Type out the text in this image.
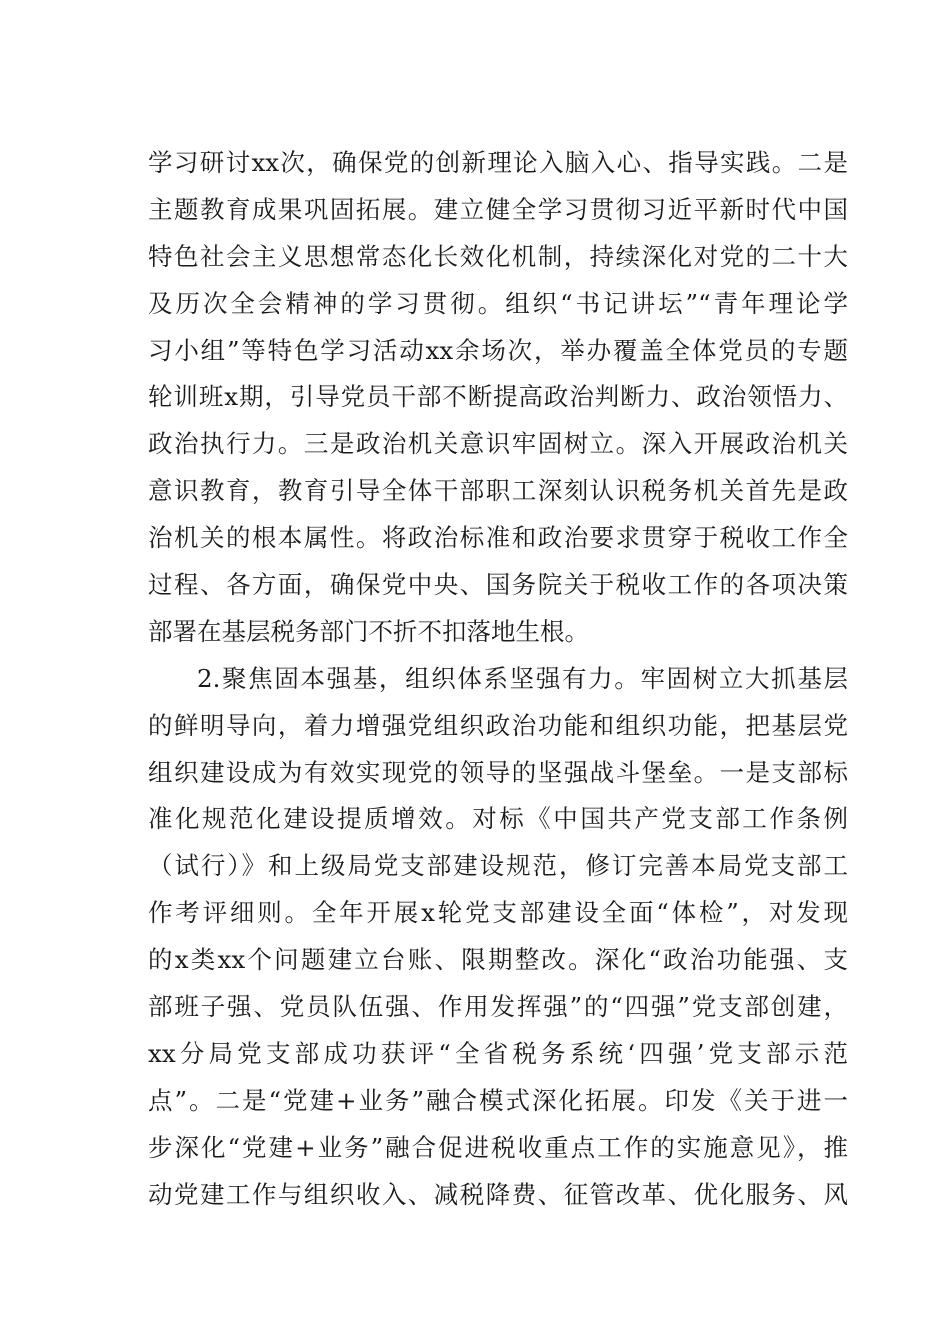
学习研讨xx次，确保党的创新理论入脑入心、指导实践。二是
主题教育成果巩固拓展。建立健全学习贯彻习近平新时代中国
特色社会主义思想常态化长效化机制，持续深化对党的二十大
及历次全会精神的学习贯彻。组织“书记讲坛”“青年理论学
习小组”等特色学习活动xx余场次，举办覆盖全体党员的专题
轮训班x期，引导党员干部不断提高政治判断力、政治领悟力、
政治执行力。三是政治机关意识牢固树立。深入开展政治机关
意识教育，教育引导全体干部职工深刻认识税务机关首先是政
治机关的根本属性。将政治标准和政治要求贯穿于税收工作全
过程、各方面，确保党中央、国务院关于税收工作的各项决策
部署在基层税务部门不折不扣落地生根。
2.聚焦固本强基，组织体系坚强有力。牢固树立大抓基层
的鲜明导向，着力增强党组织政治功能和组织功能，把基层党
组织建设成为有效实现党的领导的坚强战斗堡垒。一是支部标
准化规范化建设提质增效。对标《中国共产党支部工作条例
（试行）》和上级局党支部建设规范，修订完善本局党支部工
作考评细则。全年开展x轮党支部建设全面“体检”，对发现
的x类xx个问题建立台账、限期整改。深化“政治功能强、支
部班子强、党员队伍强、作用发挥强”的“四强”党支部创建，
xx分局党支部成功获评“全省税务系统‘四强’党支部示范
点”。二是“党建+业务”融合模式深化拓展。印发《关于进一
步深化“党建+业务”融合促进税收重点工作的实施意见》，推
动党建工作与组织收入、减税降费、征管改革、优化服务、风
